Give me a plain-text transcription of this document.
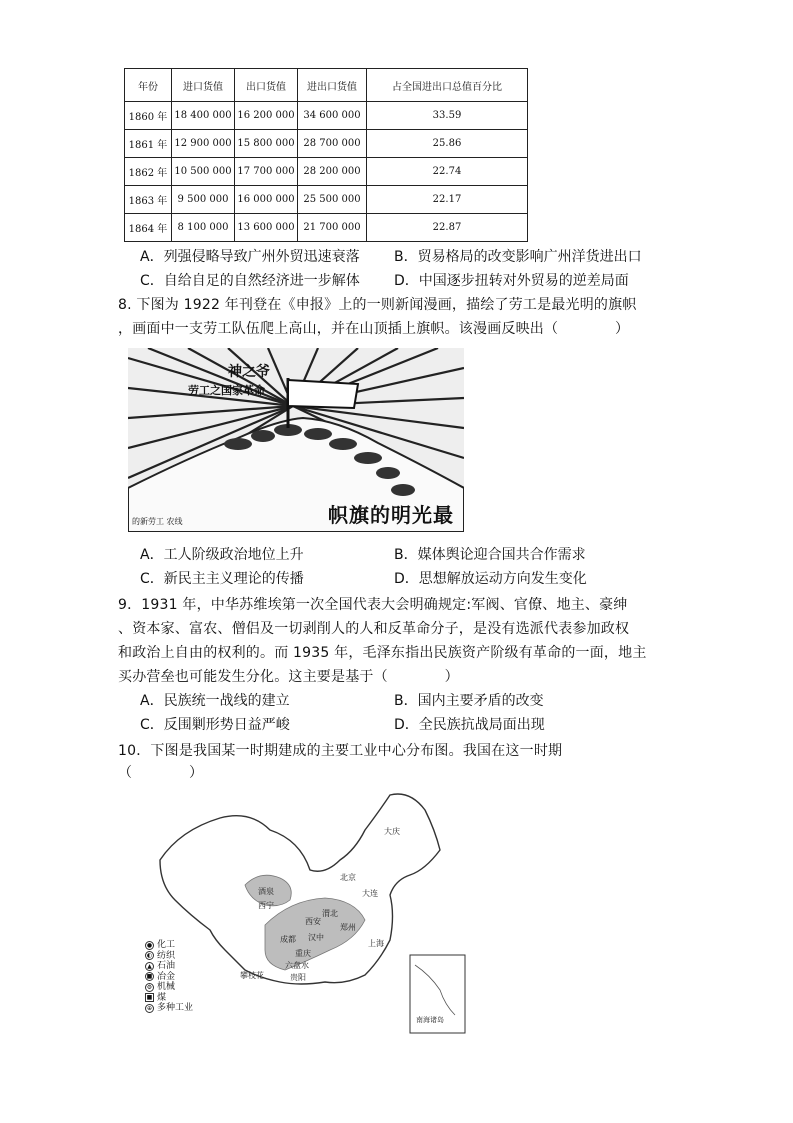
年份	进口货值	出口货值	进出口货值	占全国进出口总值百分比
1860 年	18 400 000	16 200 000	34 600 000	33.59
1861 年	12 900 000	15 800 000	28 700 000	25.86
1862 年	10 500 000	17 700 000	28 200 000	22.74
1863 年	9 500 000	16 000 000	25 500 000	22.17
1864 年	8 100 000	13 600 000	21 700 000	22.87
A．列强侵略导致广州外贸迅速衰落 B．贸易格局的改变影响广州洋货进出口
C．自给自足的自然经济进一步解体 D．中国逐步扭转对外贸易的逆差局面
8. 下图为 1922 年刊登在《申报》上的一则新闻漫画，描绘了劳工是最光明的旗帜
，画面中一支劳工队伍爬上高山，并在山顶插上旗帜。该漫画反映出（　　　　）
神之爷
劳工之国家革命
的新劳工 农线	帜旗的明光最
A．工人阶级政治地位上升	B．媒体舆论迎合国共合作需求
C．新民主主义理论的传播	D．思想解放运动方向发生变化
9．1931 年，中华苏维埃第一次全国代表大会明确规定:军阀、官僚、地主、豪绅
、资本家、富农、僧侣及一切剥削人的人和反革命分子，是没有选派代表参加政权
和政治上自由的权利的。而 1935 年，毛泽东指出民族资产阶级有革命的一面，地主
买办营垒也可能发生分化。这主要是基于（　　　　）
A．民族统一战线的建立	B．国内主要矛盾的改变
C．反围剿形势日益严峻	D．全民族抗战局面出现
10．下图是我国某一时期建成的主要工业中心分布图。我国在这一时期
（　　　　）
大庆
北京
大连
酒泉
西宁
渭北
西安
郑州
成都 汉中
上海
重庆
六盘水
攀枝花	贵阳
南海诸岛
● 化工
◐ 纺织
▲ 石油
■ 冶金
⚙ 机械
■ 煤
⊕ 多种工业
